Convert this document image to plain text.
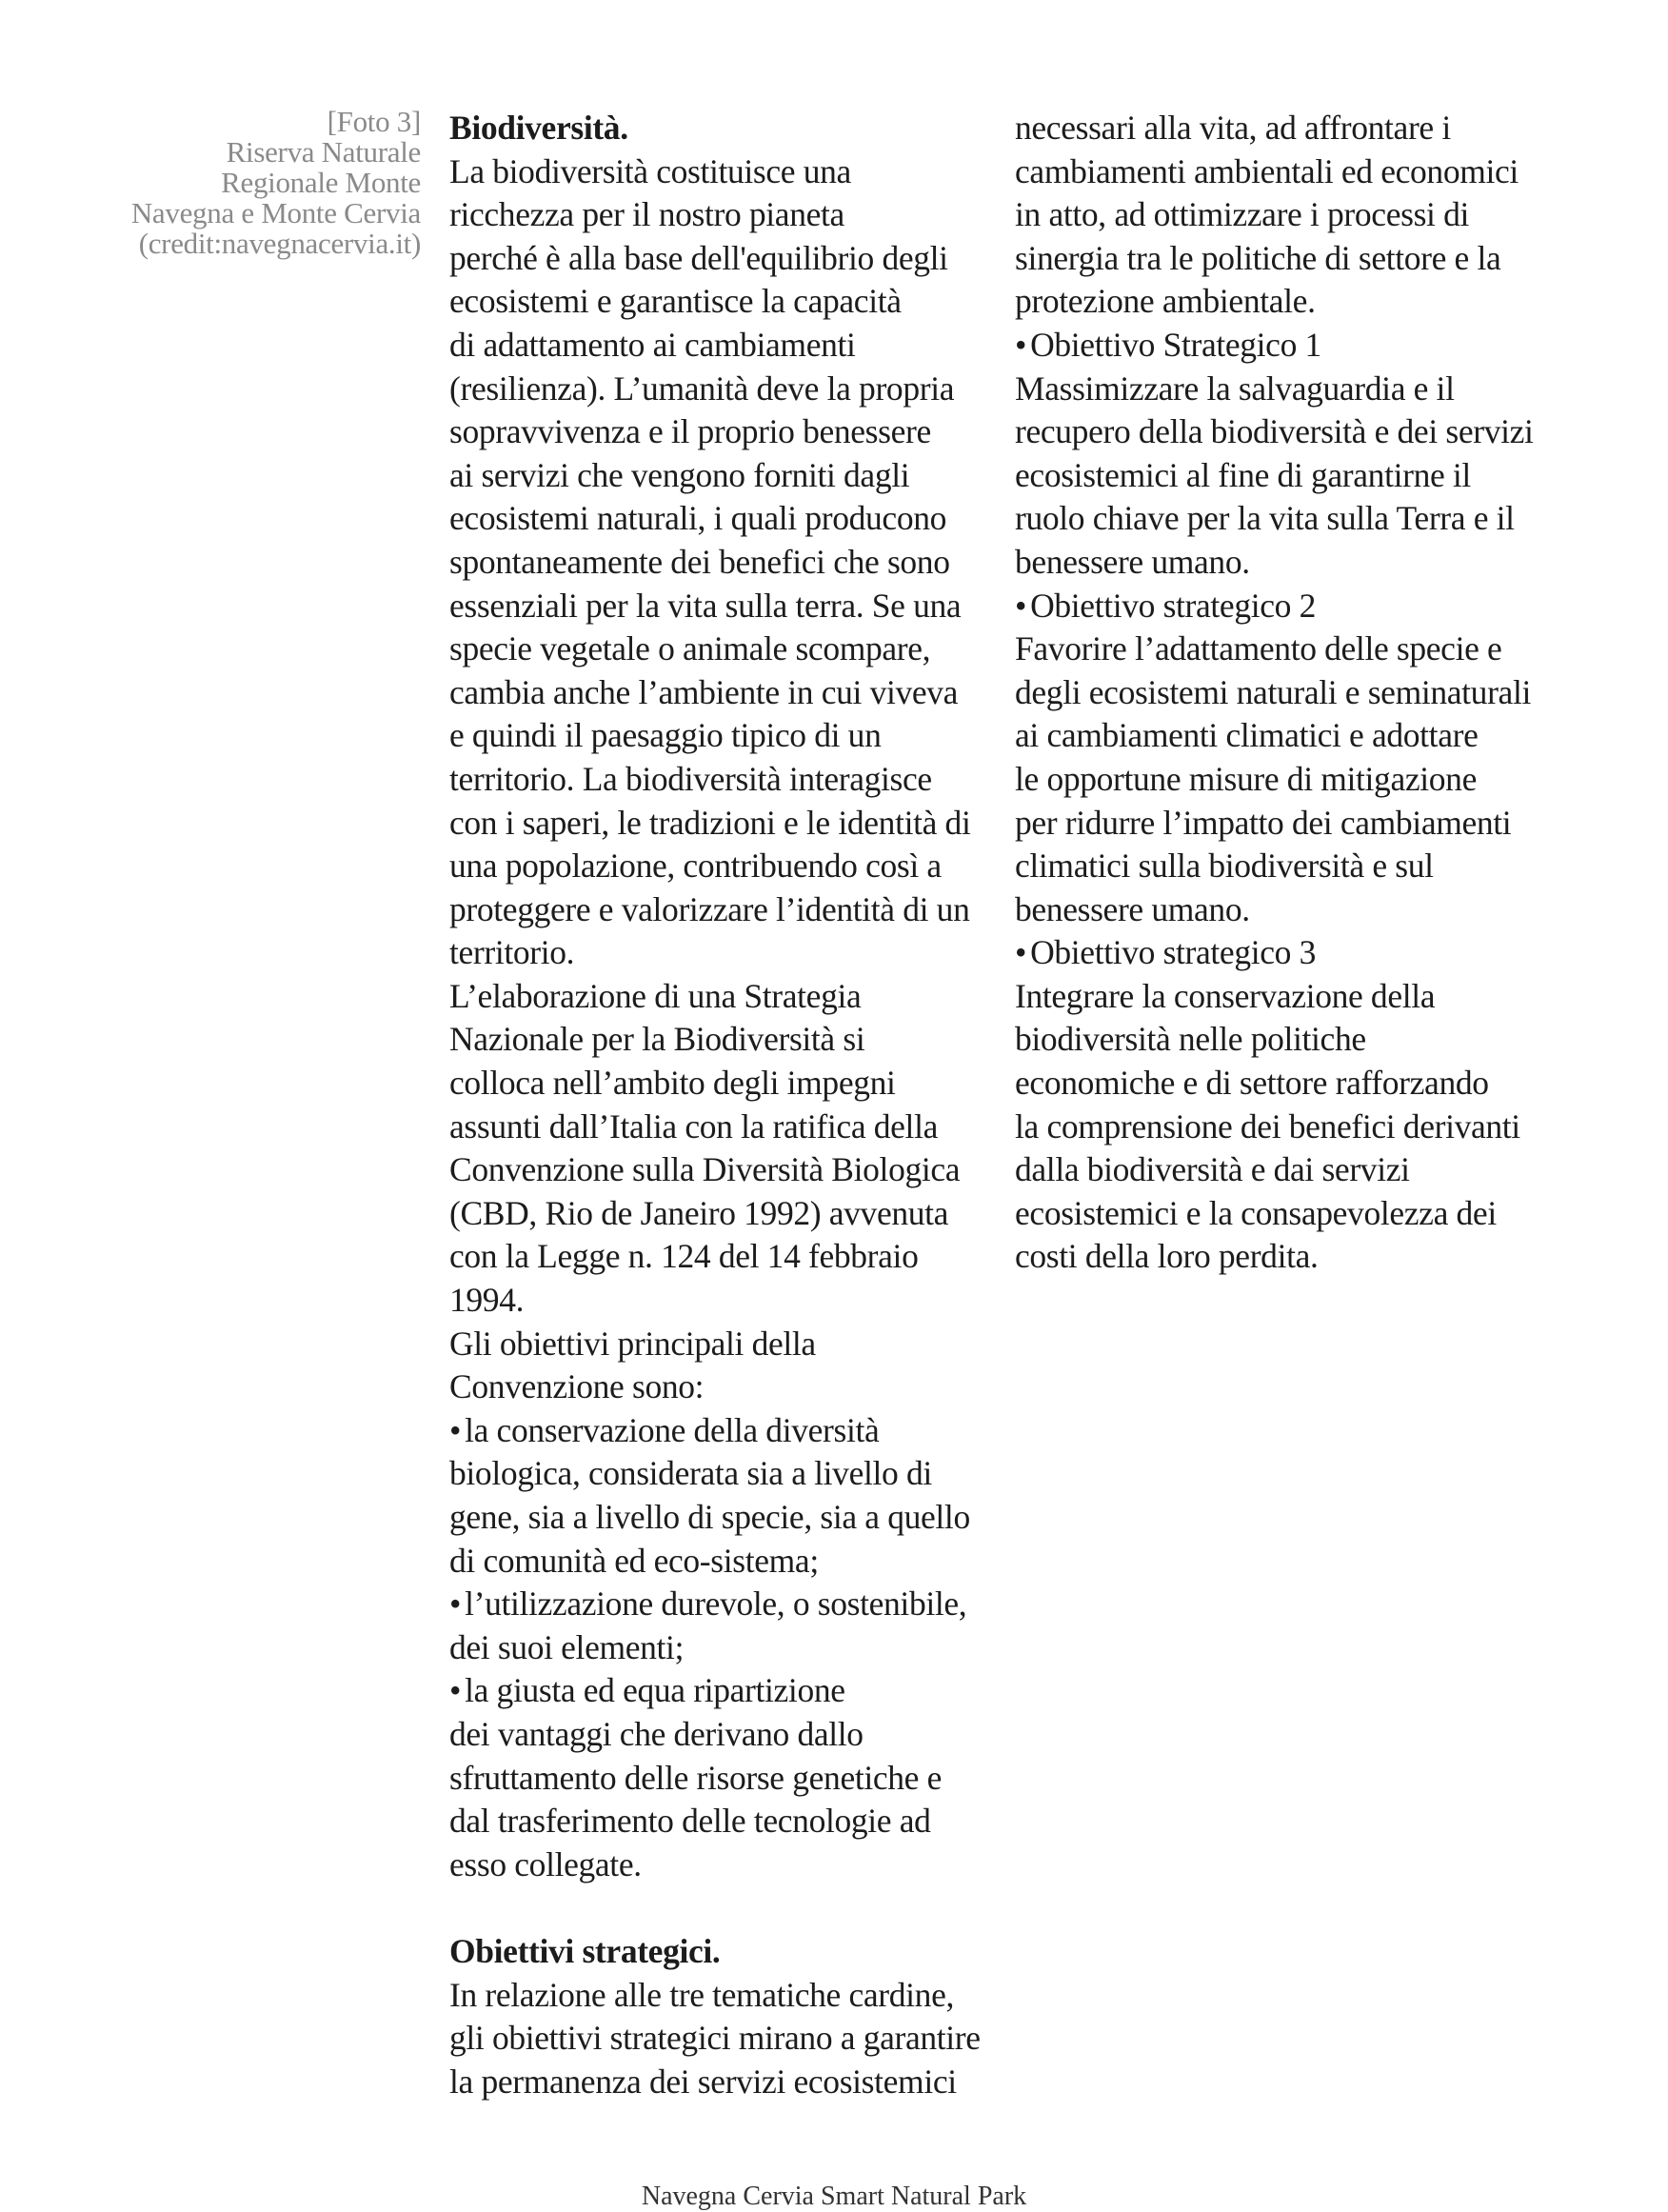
[Foto 3]
Riserva Naturale
Regionale Monte
Navegna e Monte Cervia
(credit:navegnacervia.it)
Biodiversità.
La biodiversità costituisce una
ricchezza per il nostro pianeta
perché è alla base dell'equilibrio degli
ecosistemi e garantisce la capacità
di adattamento ai cambiamenti
(resilienza). L’umanità deve la propria
sopravvivenza e il proprio benessere
ai servizi che vengono forniti dagli
ecosistemi naturali, i quali producono
spontaneamente dei benefici che sono
essenziali per la vita sulla terra. Se una
specie vegetale o animale scompare,
cambia anche l’ambiente in cui viveva
e quindi il paesaggio tipico di un
territorio. La biodiversità interagisce
con i saperi, le tradizioni e le identità di
una popolazione, contribuendo così a
proteggere e valorizzare l’identità di un
territorio.
L’elaborazione di una Strategia
Nazionale per la Biodiversità si
colloca nell’ambito degli impegni
assunti dall’Italia con la ratifica della
Convenzione sulla Diversità Biologica
(CBD, Rio de Janeiro 1992) avvenuta
con la Legge n. 124 del 14 febbraio
1994.
Gli obiettivi principali della
Convenzione sono:
• la conservazione della diversità
biologica, considerata sia a livello di
gene, sia a livello di specie, sia a quello
di comunità ed eco-sistema;
• l’utilizzazione durevole, o sostenibile,
dei suoi elementi;
• la giusta ed equa ripartizione
dei vantaggi che derivano dallo
sfruttamento delle risorse genetiche e
dal trasferimento delle tecnologie ad
esso collegate.
Obiettivi strategici.
In relazione alle tre tematiche cardine,
gli obiettivi strategici mirano a garantire
la permanenza dei servizi ecosistemici
necessari alla vita, ad affrontare i
cambiamenti ambientali ed economici
in atto, ad ottimizzare i processi di
sinergia tra le politiche di settore e la
protezione ambientale.
• Obiettivo Strategico 1
Massimizzare la salvaguardia e il
recupero della biodiversità e dei servizi
ecosistemici al fine di garantirne il
ruolo chiave per la vita sulla Terra e il
benessere umano.
• Obiettivo strategico 2
Favorire l’adattamento delle specie e
degli ecosistemi naturali e seminaturali
ai cambiamenti climatici e adottare
le opportune misure di mitigazione
per ridurre l’impatto dei cambiamenti
climatici sulla biodiversità e sul
benessere umano.
• Obiettivo strategico 3
Integrare la conservazione della
biodiversità nelle politiche
economiche e di settore rafforzando
la comprensione dei benefici derivanti
dalla biodiversità e dai servizi
ecosistemici e la consapevolezza dei
costi della loro perdita.
Navegna Cervia Smart Natural Park
